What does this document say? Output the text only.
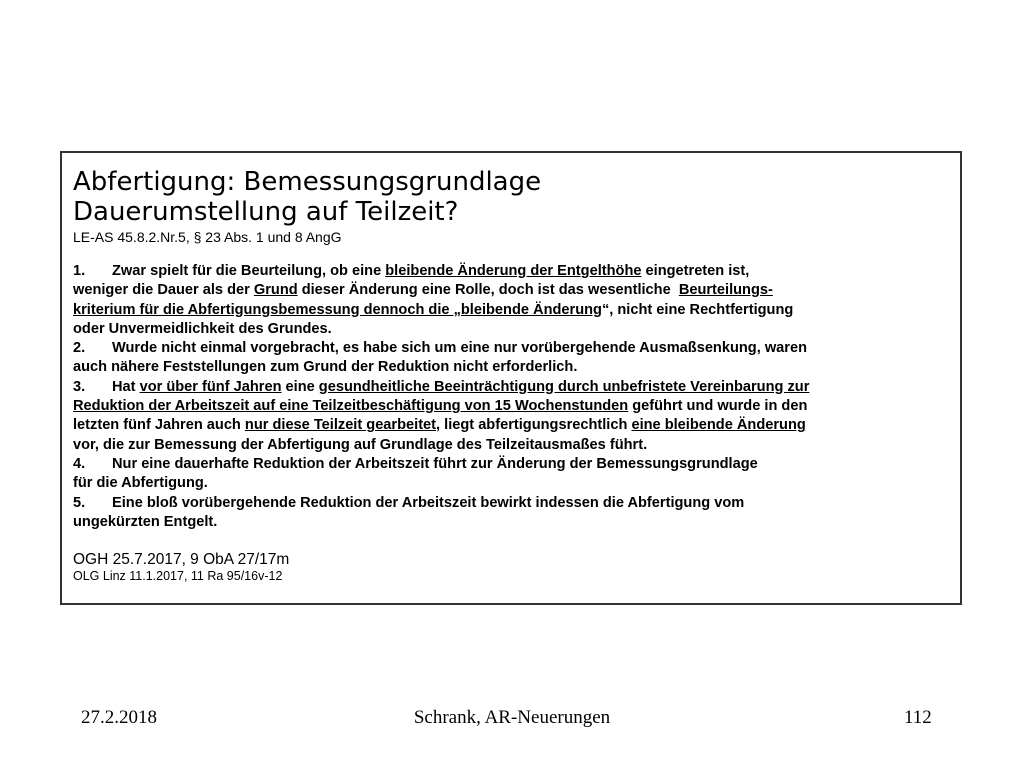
Abfertigung: Bemessungsgrundlage
Dauerumstellung auf Teilzeit?
LE-AS 45.8.2.Nr.5, § 23 Abs. 1 und 8 AngG
1. Zwar spielt für die Beurteilung, ob eine bleibende Änderung der Entgelthöhe eingetreten ist,
weniger die Dauer als der Grund dieser Änderung eine Rolle, doch ist das wesentliche  Beurteilungs-
kriterium für die Abfertigungsbemessung dennoch die „bleibende Änderung“, nicht eine Rechtfertigung
oder Unvermeidlichkeit des Grundes.
2. Wurde nicht einmal vorgebracht, es habe sich um eine nur vorübergehende Ausmaßsenkung, waren
auch nähere Feststellungen zum Grund der Reduktion nicht erforderlich.
3. Hat vor über fünf Jahren eine gesundheitliche Beeinträchtigung durch unbefristete Vereinbarung zur
Reduktion der Arbeitszeit auf eine Teilzeitbeschäftigung von 15 Wochenstunden geführt und wurde in den
letzten fünf Jahren auch nur diese Teilzeit gearbeitet, liegt abfertigungsrechtlich eine bleibende Änderung
vor, die zur Bemessung der Abfertigung auf Grundlage des Teilzeitausmaßes führt.
4. Nur eine dauerhafte Reduktion der Arbeitszeit führt zur Änderung der Bemessungsgrundlage
für die Abfertigung.
5. Eine bloß vorübergehende Reduktion der Arbeitszeit bewirkt indessen die Abfertigung vom
ungekürzten Entgelt.
OGH 25.7.2017, 9 ObA 27/17m
OLG Linz 11.1.2017, 11 Ra 95/16v-12
27.2.2018	Schrank, AR-Neuerungen	112
